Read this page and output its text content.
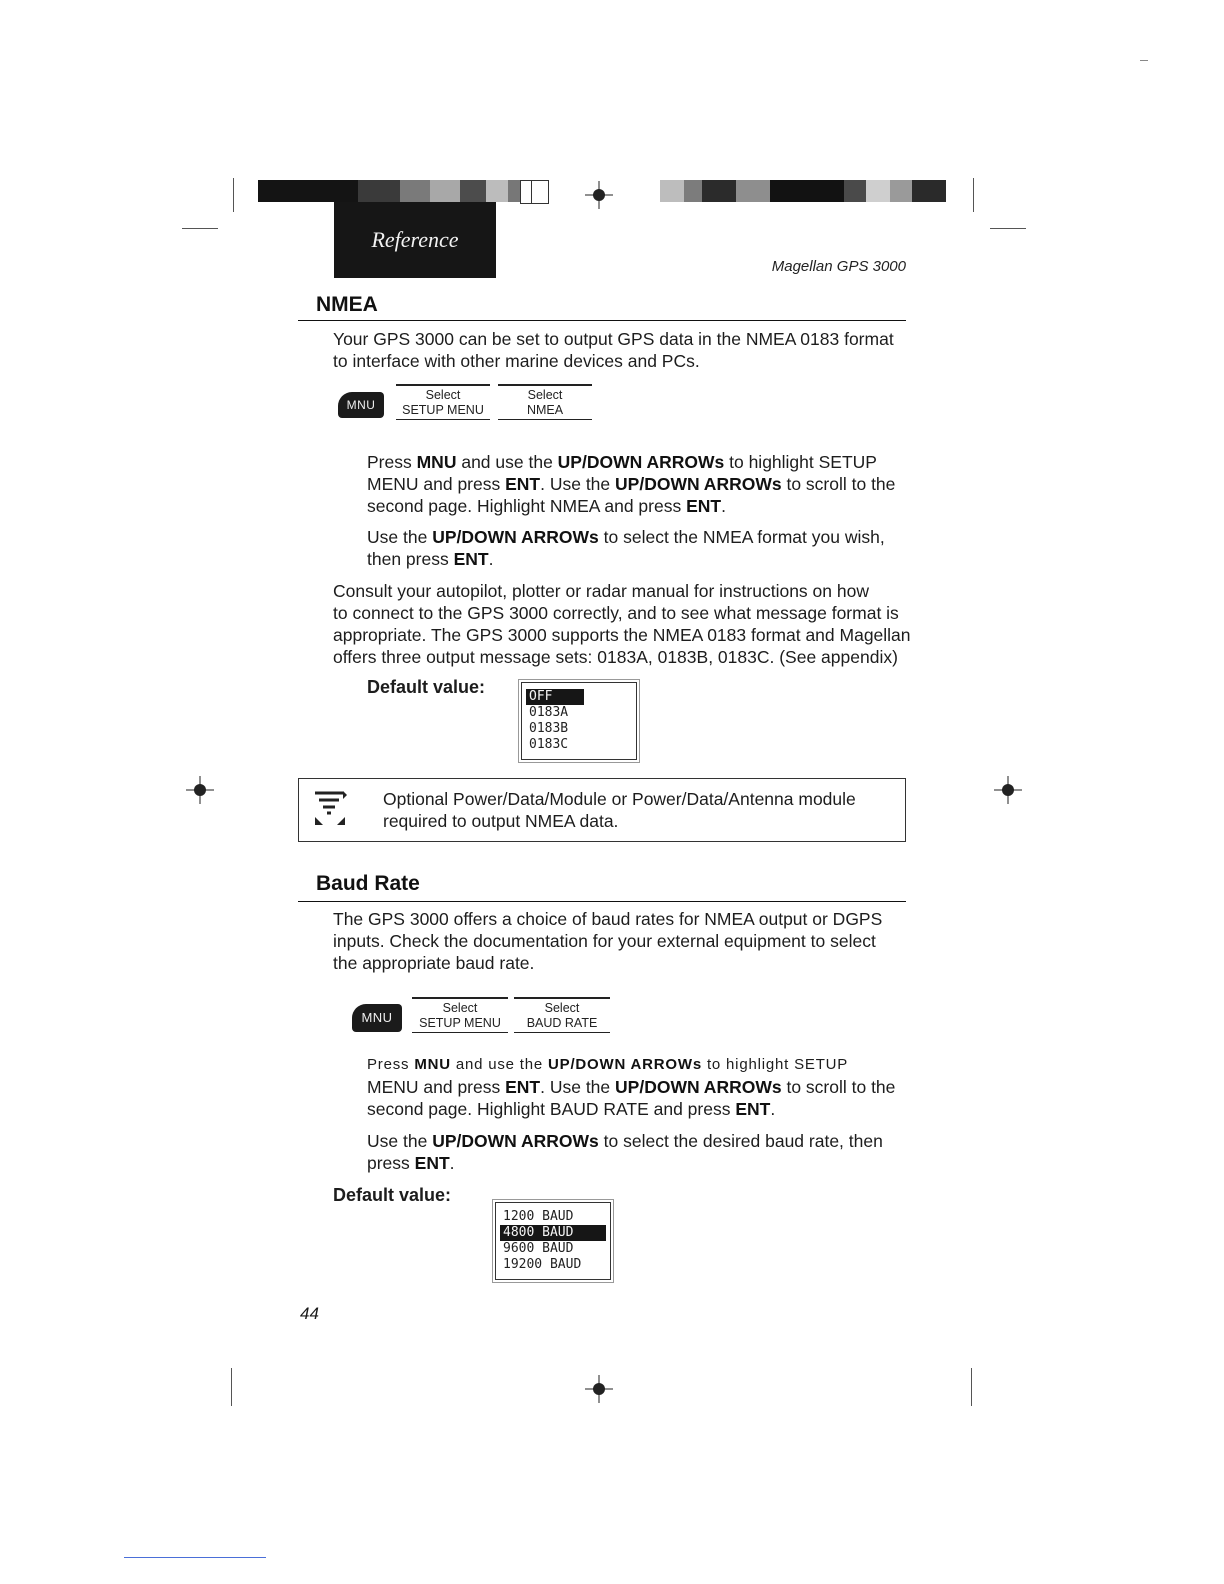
Reference
Magellan GPS 3000
NMEA
Your GPS 3000 can be set to output GPS data in the NMEA 0183 format
to interface with other marine devices and PCs.
MNU
Select
SETUP MENU
Select
NMEA
Press MNU and use the UP/DOWN ARROWs to highlight SETUP
MENU and press ENT. Use the UP/DOWN ARROWs to scroll to the
second page. Highlight NMEA and press ENT.
Use the UP/DOWN ARROWs to select the NMEA format you wish,
then press ENT.
Consult your autopilot, plotter or radar manual for instructions on how
to connect to the GPS 3000 correctly, and to see what message format is
appropriate. The GPS 3000 supports the NMEA 0183 format and Magellan
offers three output message sets: 0183A, 0183B, 0183C. (See appendix)
Default value:	OFF
0183A
0183B
0183C
Optional Power/Data/Module or Power/Data/Antenna module
required to output NMEA data.
Baud Rate
The GPS 3000 offers a choice of baud rates for NMEA output or DGPS
inputs. Check the documentation for your external equipment to select
the appropriate baud rate.
MNU
Select
SETUP MENU
Select
BAUD RATE
Press MNU and use the UP/DOWN ARROWs to highlight SETUP
MENU and press ENT. Use the UP/DOWN ARROWs to scroll to the
second page. Highlight BAUD RATE and press ENT.
Use the UP/DOWN ARROWs to select the desired baud rate, then
press ENT.
Default value:
1200 BAUD
4800 BAUD
9600 BAUD
19200 BAUD
44
